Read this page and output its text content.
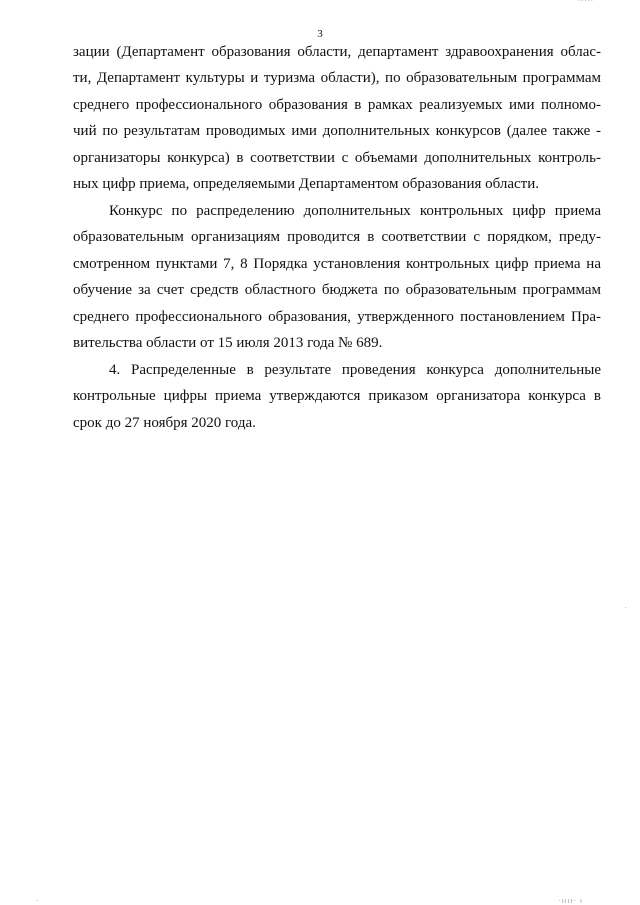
3
зации (Департамент образования области, департамент здравоохранения облас-
ти, Департамент культуры и туризма области), по образовательным программам
среднего профессионального образования в рамках реализуемых ими полномо-
чий по результатам проводимых ими дополнительных конкурсов (далее также -
организаторы конкурса) в соответствии с объемами дополнительных контроль-
ных цифр приема, определяемыми Департаментом образования области.
Конкурс по распределению дополнительных контрольных цифр приема
образовательным организациям проводится в соответствии с порядком, преду-
смотренном пунктами 7, 8 Порядка установления контрольных цифр приема на
обучение за счет средств областного бюджета по образовательным программам
среднего профессионального образования, утвержденного постановлением Пра-
вительства области от 15 июля 2013 года № 689.
4. Распределенные в результате проведения конкурса дополнительные
контрольные цифры приема утверждаются приказом организатора конкурса в
срок до 27 ноября 2020 года.
·····
·ıııı· ı
·
·
